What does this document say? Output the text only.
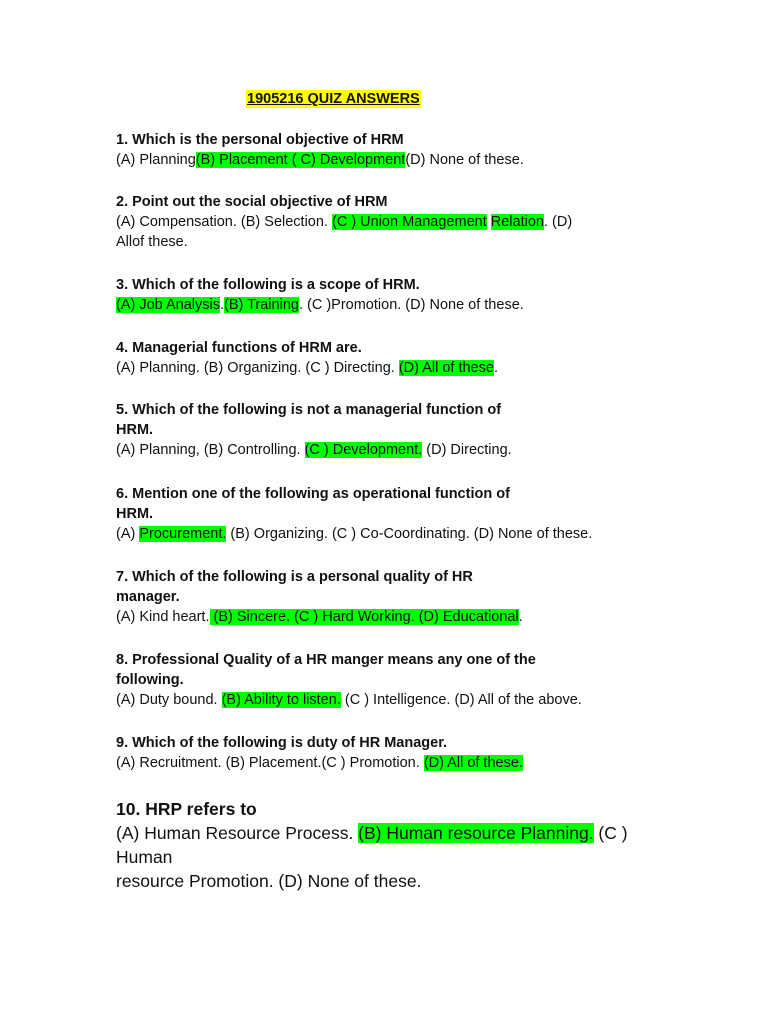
1905216 QUIZ ANSWERS
1. Which is the personal objective of HRM
(A) Planning(B) Placement ( C) Development(D) None of these.
2. Point out the social objective of HRM
(A) Compensation. (B) Selection. (C ) Union Management Relation. (D)
Allof these.
3. Which of the following is a scope of HRM.
(A) Job Analysis.(B) Training. (C )Promotion. (D) None of these.
4. Managerial functions of HRM are.
(A) Planning. (B) Organizing. (C ) Directing. (D) All of these.
5. Which of the following is not a managerial function of
HRM.
(A) Planning, (B) Controlling. (C ) Development. (D) Directing.
6. Mention one of the following as operational function of
HRM.
(A) Procurement. (B) Organizing. (C ) Co-Coordinating. (D) None of these.
7. Which of the following is a personal quality of HR
manager.
(A) Kind heart. (B) Sincere. (C ) Hard Working. (D) Educational.
8. Professional Quality of a HR manger means any one of the
following.
(A) Duty bound. (B) Ability to listen. (C ) Intelligence. (D) All of the above.
9. Which of the following is duty of HR Manager.
(A) Recruitment. (B) Placement.(C ) Promotion. (D) All of these.
10. HRP refers to
(A) Human Resource Process. (B) Human resource Planning. (C )
Human
resource Promotion. (D) None of these.
